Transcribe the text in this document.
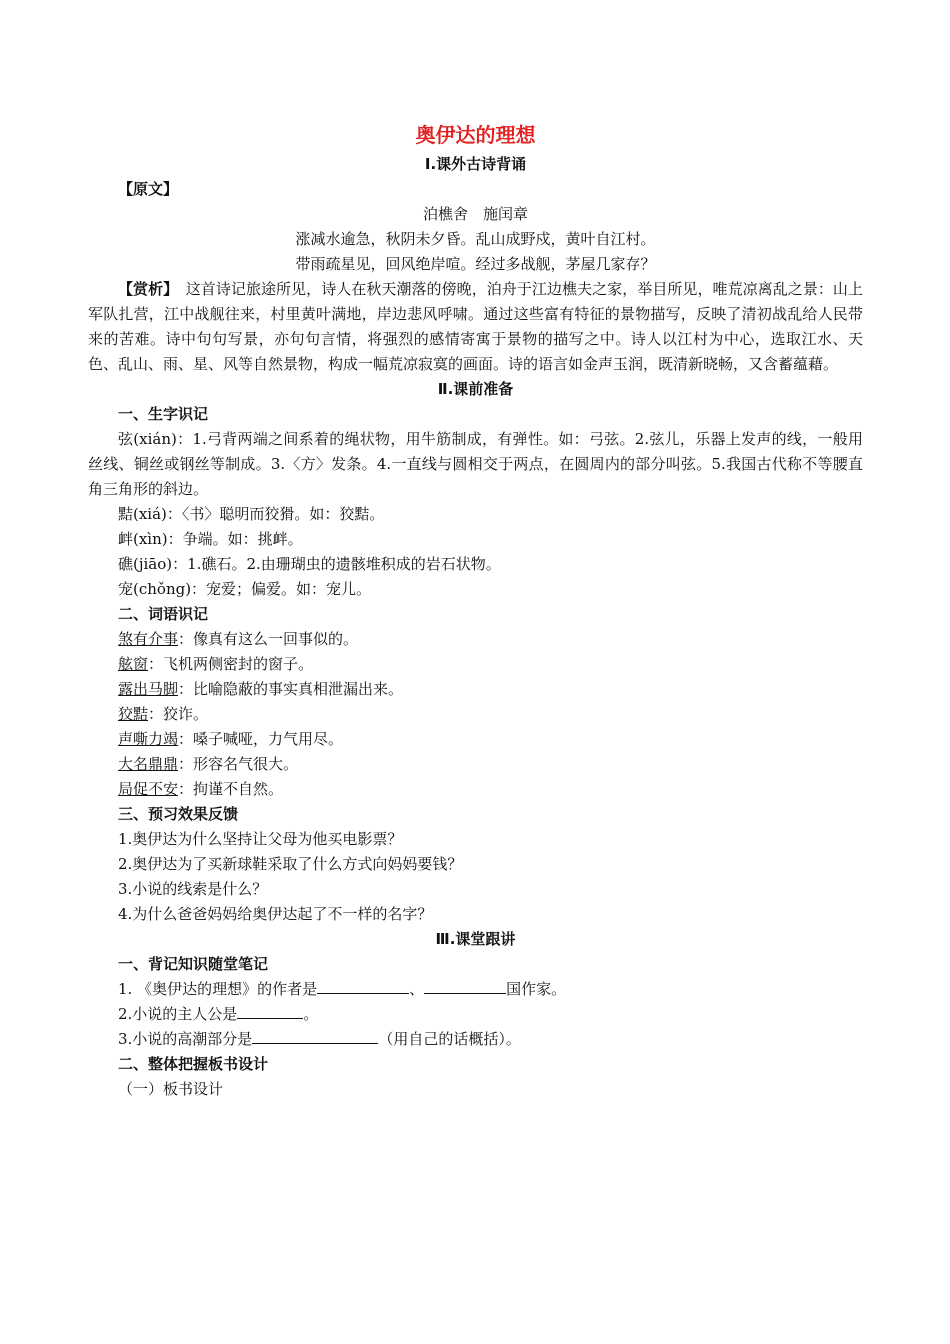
奥伊达的理想
Ⅰ.课外古诗背诵
【原文】
泊樵舍　施闰章
涨减水逾急，秋阴未夕昏。乱山成野戍，黄叶自江村。
带雨疏星见，回风绝岸喧。经过多战舰，茅屋几家存？

【赏析】　这首诗记旅途所见，诗人在秋天潮落的傍晚，泊舟于江边樵夫之家，举目所见，唯荒凉离乱之景：山上军队扎营，江中战舰往来，村里黄叶满地，岸边悲风呼啸。通过这些富有特征的景物描写，反映了清初战乱给人民带来的苦难。诗中句句写景，亦句句言情，将强烈的感情寄寓于景物的描写之中。诗人以江村为中心，选取江水、天色、乱山、雨、星、风等自然景物，构成一幅荒凉寂寞的画面。诗的语言如金声玉润，既清新晓畅，又含蓄蕴藉。

Ⅱ.课前准备
一、生字识记

弦(xián)：1.弓背两端之间系着的绳状物，用牛筋制成，有弹性。如：弓弦。2.弦儿，乐器上发声的线，一般用丝线、铜丝或钢丝等制成。3.〈方〉发条。4.一直线与圆相交于两点，在圆周内的部分叫弦。5.我国古代称不等腰直角三角形的斜边。

黠(xiá)：〈书〉聪明而狡猾。如：狡黠。
衅(xìn)：争端。如：挑衅。
礁(jiāo)：1.礁石。2.由珊瑚虫的遗骸堆积成的岩石状物。
宠(chǒng)：宠爱；偏爱。如：宠儿。
二、词语识记
煞有介事：像真有这么一回事似的。
舷窗：飞机两侧密封的窗子。
露出马脚：比喻隐蔽的事实真相泄漏出来。
狡黠：狡诈。
声嘶力竭：嗓子喊哑，力气用尽。
大名鼎鼎：形容名气很大。
局促不安：拘谨不自然。
三、预习效果反馈
1.奥伊达为什么坚持让父母为他买电影票？
2.奥伊达为了买新球鞋采取了什么方式向妈妈要钱？
3.小说的线索是什么？
4.为什么爸爸妈妈给奥伊达起了不一样的名字？
Ⅲ.课堂跟讲
一、背记知识随堂笔记
1. 《奥伊达的理想》的作者是	、	国作家。
2.小说的主人公是	。
3.小说的高潮部分是	（用自己的话概括）。
二、整体把握板书设计
（一）板书设计
